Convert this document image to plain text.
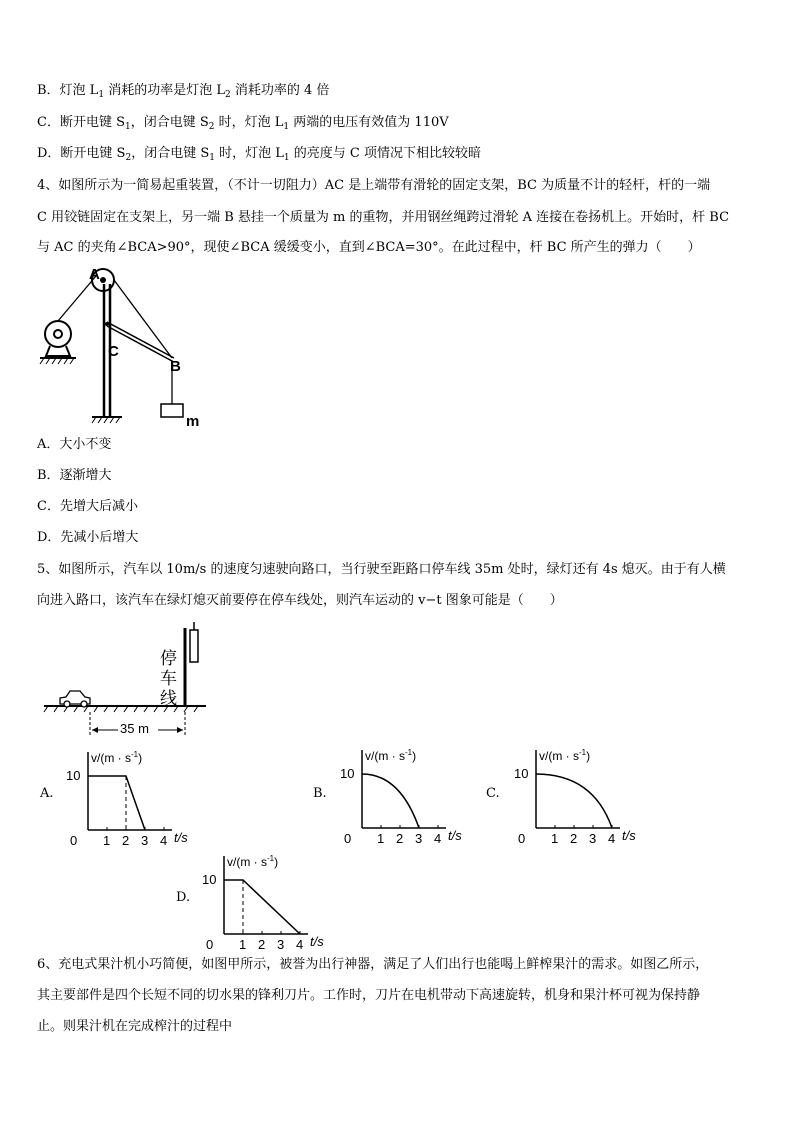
B．灯泡 $L_1$ 消耗的功率是灯泡 $L_2$ 消耗功率的 4 倍
C．断开电键 $S_1$，闭合电键 $S_2$ 时，灯泡 $L_1$ 两端的电压有效值为 110V
D．断开电键 $S_2$，闭合电键 $S_1$ 时，灯泡 $L_1$ 的亮度与 C 项情况下相比较较暗
4、如图所示为一简易起重装置，（不计一切阻力）AC 是上端带有滑轮的固定支架，BC 为质量不计的轻杆，杆的一端
C 用铰链固定在支架上，另一端 B 悬挂一个质量为 m 的重物，并用钢丝绳跨过滑轮 A 连接在卷扬机上。开始时，杆 BC
与 AC 的夹角∠BCA>90°，现使∠BCA 缓缓变小，直到∠BCA=30°。在此过程中，杆 BC 所产生的弹力（　　）
A
C
B
m
A．大小不变
B．逐渐增大
C．先增大后减小
D．先减小后增大
5、如图所示，汽车以 10m/s 的速度匀速驶向路口，当行驶至距路口停车线 35m 处时，绿灯还有 4s 熄灭。由于有人横
向进入路口，该汽车在绿灯熄灭前要停在停车线处，则汽车运动的 v−t 图象可能是（　　）
停
车
线
35 m
A.	B.	C.
D.
$v/(m \cdot s^{-1})$
10
0 1 2 3 4 t/s
$v/(m \cdot s^{-1})$
10
0 1 2 3 4 t/s
$v/(m \cdot s^{-1})$
10
0 1 2 3 4 t/s
$v/(m \cdot s^{-1})$
10
0 1 2 3 4 t/s
6、充电式果汁机小巧简便，如图甲所示，被誉为出行神器，满足了人们出行也能喝上鲜榨果汁的需求。如图乙所示，
其主要部件是四个长短不同的切水果的锋利刀片。工作时，刀片在电机带动下高速旋转，机身和果汁杯可视为保持静
止。则果汁机在完成榨汁的过程中
